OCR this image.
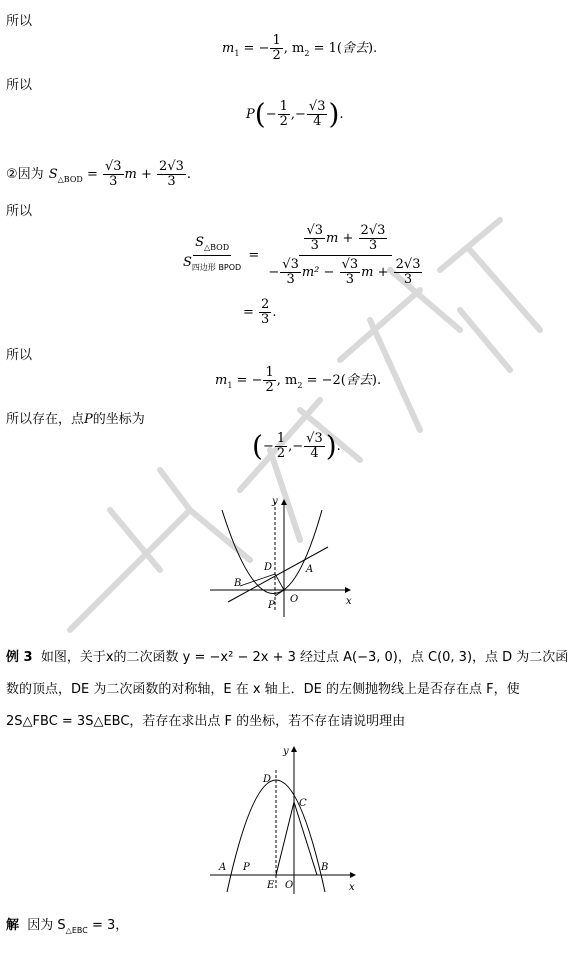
所以
$m_1$ = − $\frac{1}{2}$ , $m_2 = 1$(舍去).
所以
$P(- \frac{1}{2}$ ,− $\frac{√3}{4}$ ).
②因为 $S_{\triangle BOD} = \frac{√3}{3}$ $m + \frac{2√3}{3}$ .
所以
$\frac{S_{\triangle BOD}}{S_{四边形 BPOD}} = \frac{\frac{√3}{3} m + \frac{2√3}{3}}{- \frac{√3}{3} m^2 - \frac{√3}{3} m + \frac{2√3}{3}}$
= $\frac{2}{3}$ .
所以
$m_1$ = − $\frac{1}{2}$ , $m_2 = -2$(舍去).
所以存在，点P的坐标为
(− $\frac{1}{2}$ ,− $\frac{√3}{4}$ ).
y
x
D	A
B
O
P
例 3 如图，关于x的二次函数 y = −x² − 2x + 3 经过点 A(−3, 0)，点 C(0, 3)，点 D 为二次函
数的顶点，DE 为二次函数的对称轴，E 在 x 轴上．DE 的左侧抛物线上是否存在点 F，使
2S△FBC = 3S△EBC，若存在求出点 F 的坐标，若不存在请说明理由
y
x
D
C
A P	B
E O
解 因为 $S_{\triangle EBC} = 3$，
